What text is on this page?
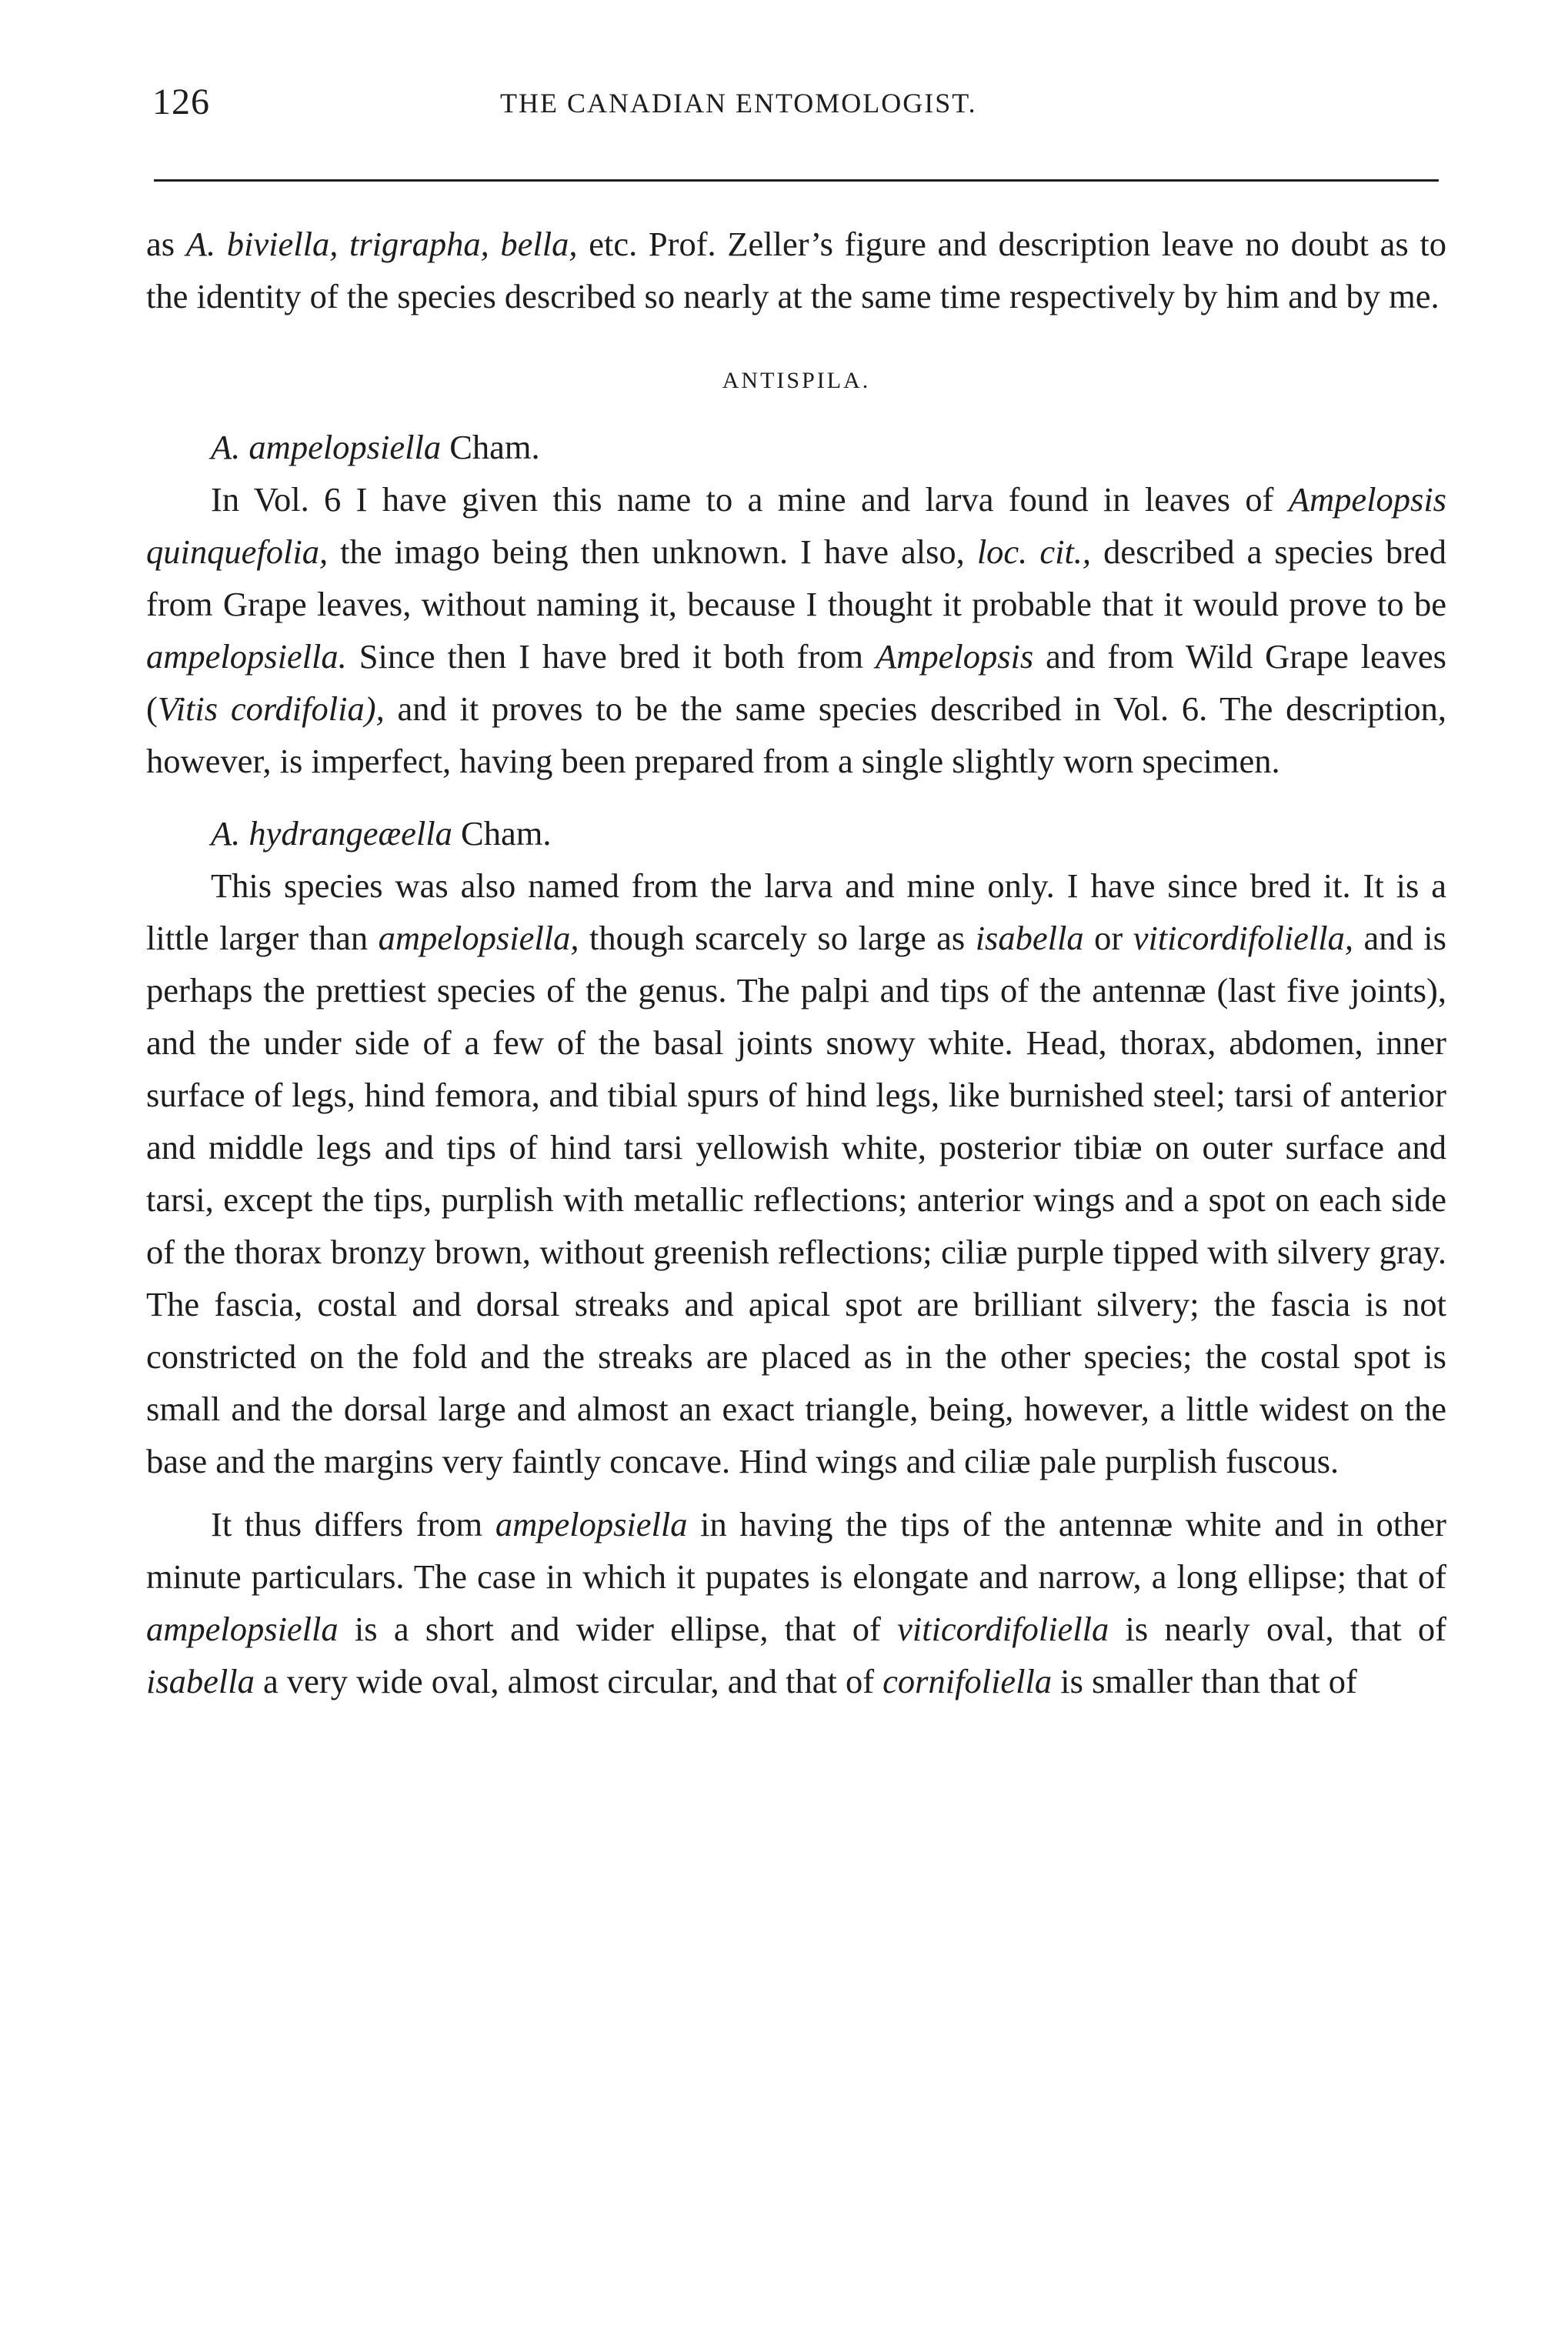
126	THE CANADIAN ENTOMOLOGIST.

as A. biviella, trigrapha, bella, etc. Prof. Zeller’s figure and description leave no doubt as to the identity of the species described so nearly at the same time respectively by him and by me.

ANTISPILA.

A. ampelopsiella Cham.

In Vol. 6 I have given this name to a mine and larva found in leaves of Ampelopsis quinquefolia, the imago being then unknown. I have also, loc. cit., described a species bred from Grape leaves, without naming it, because I thought it probable that it would prove to be ampelopsiella. Since then I have bred it both from Ampelopsis and from Wild Grape leaves (Vitis cordifolia), and it proves to be the same species described in Vol. 6. The description, however, is imperfect, having been prepared from a single slightly worn specimen.

A. hydrangeæella Cham.

This species was also named from the larva and mine only. I have since bred it. It is a little larger than ampelopsiella, though scarcely so large as isabella or viticordifoliella, and is perhaps the prettiest species of the genus. The palpi and tips of the antennæ (last five joints), and the under side of a few of the basal joints snowy white. Head, thorax, abdomen, inner surface of legs, hind femora, and tibial spurs of hind legs, like burnished steel; tarsi of anterior and middle legs and tips of hind tarsi yellowish white, posterior tibiæ on outer surface and tarsi, except the tips, purplish with metallic reflections; anterior wings and a spot on each side of the thorax bronzy brown, without greenish reflections; ciliæ purple tipped with silvery gray. The fascia, costal and dorsal streaks and apical spot are brilliant silvery; the fascia is not constricted on the fold and the streaks are placed as in the other species; the costal spot is small and the dorsal large and almost an exact triangle, being, however, a little widest on the base and the margins very faintly concave. Hind wings and ciliæ pale purplish fuscous.

It thus differs from ampelopsiella in having the tips of the antennæ white and in other minute particulars. The case in which it pupates is elongate and narrow, a long ellipse; that of ampelopsiella is a short and wider ellipse, that of viticordifoliella is nearly oval, that of isabella a very wide oval, almost circular, and that of cornifoliella is smaller than that of
